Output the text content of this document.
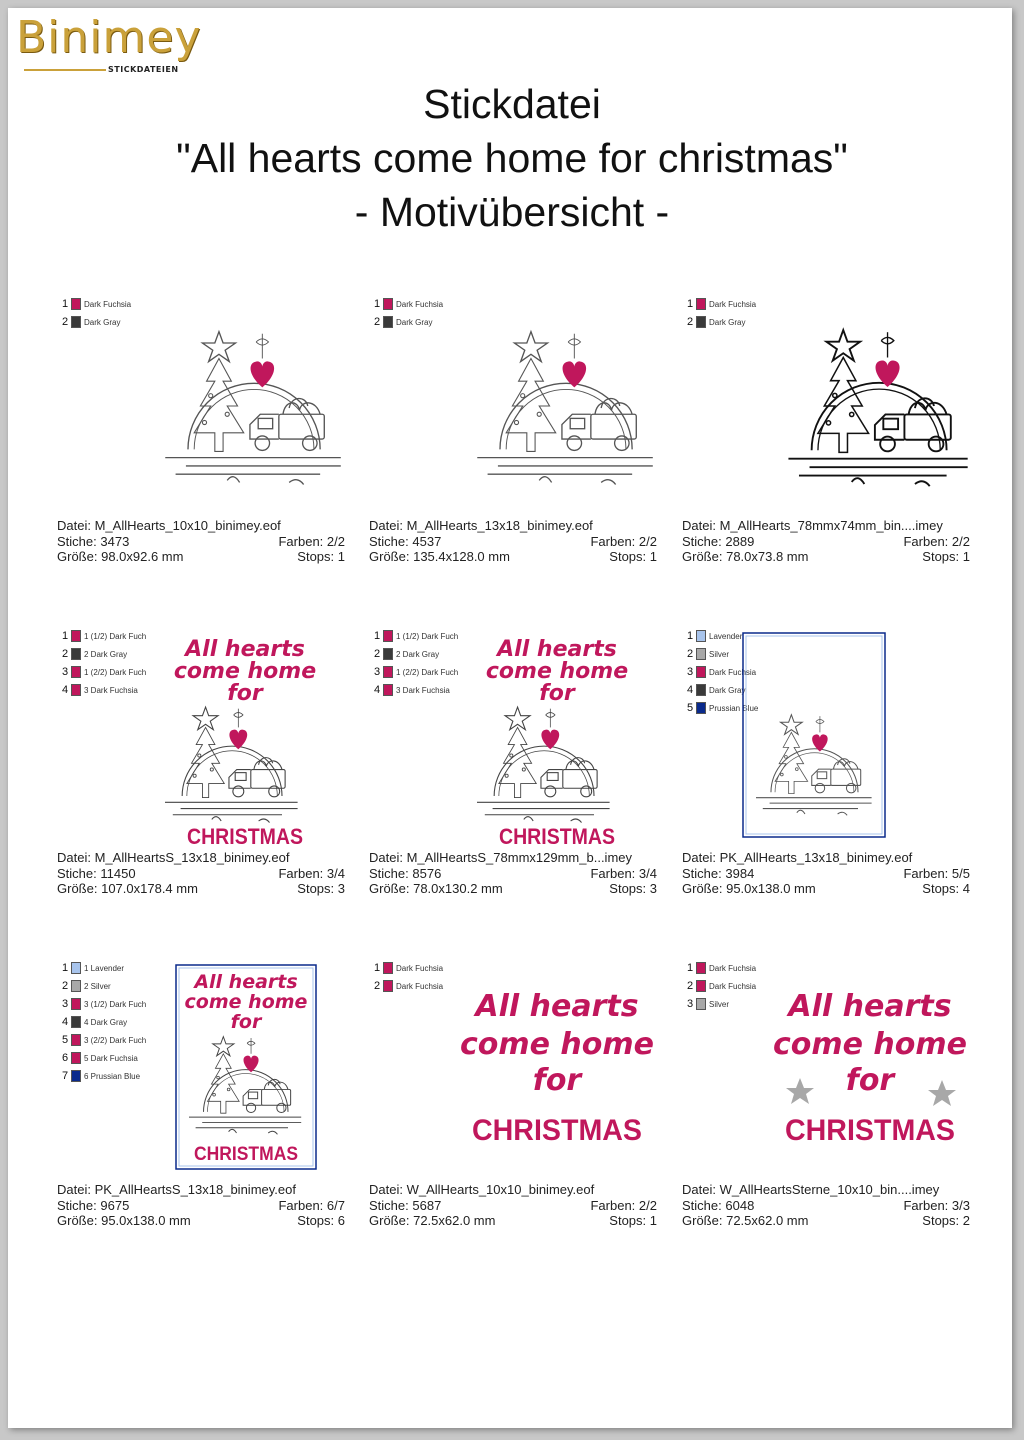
Binimey
STICKDATEIEN
Stickdatei
"All hearts come home for christmas"
- Motivübersicht -
1 Dark Fuchsia
2 Dark Gray
Datei: M_AllHearts_10x10_binimey.eof
Stiche: 3473	Farben: 2/2
Größe: 98.0x92.6 mm	Stops: 1
1 Dark Fuchsia
2 Dark Gray
Datei: M_AllHearts_13x18_binimey.eof
Stiche: 4537	Farben: 2/2
Größe: 135.4x128.0 mm	Stops: 1
1 Dark Fuchsia
2 Dark Gray
Datei: M_AllHearts_78mmx74mm_bin....imey
Stiche: 2889	Farben: 2/2
Größe: 78.0x73.8 mm	Stops: 1
1 1 (1/2) Dark Fuch
2 2 Dark Gray
3 1 (2/2) Dark Fuch
4 3 Dark Fuchsia
All hearts
come home
for
CHRISTMAS
Datei: M_AllHeartsS_13x18_binimey.eof
Stiche: 11450	Farben: 3/4
Größe: 107.0x178.4 mm	Stops: 3
1 1 (1/2) Dark Fuch
2 2 Dark Gray
3 1 (2/2) Dark Fuch
4 3 Dark Fuchsia
All hearts
come home
for
CHRISTMAS
Datei: M_AllHeartsS_78mmx129mm_b...imey
Stiche: 8576	Farben: 3/4
Größe: 78.0x130.2 mm	Stops: 3
1 Lavender
2 Silver
3 Dark Fuchsia
4 Dark Gray
5 Prussian Blue
Datei: PK_AllHearts_13x18_binimey.eof
Stiche: 3984	Farben: 5/5
Größe: 95.0x138.0 mm	Stops: 4
1 1 Lavender
2 2 Silver
3 3 (1/2) Dark Fuch
4 4 Dark Gray
5 3 (2/2) Dark Fuch
6 5 Dark Fuchsia
7 6 Prussian Blue
All hearts
come home
for
CHRISTMAS
Datei: PK_AllHeartsS_13x18_binimey.eof
Stiche: 9675	Farben: 6/7
Größe: 95.0x138.0 mm	Stops: 6
1 Dark Fuchsia
2 Dark Fuchsia
All hearts
come home
for
CHRISTMAS
Datei: W_AllHearts_10x10_binimey.eof
Stiche: 5687	Farben: 2/2
Größe: 72.5x62.0 mm	Stops: 1
1 Dark Fuchsia
2 Dark Fuchsia
3 Silver All hearts
come home
for
CHRISTMAS
Datei: W_AllHeartsSterne_10x10_bin....imey
Stiche: 6048	Farben: 3/3
Größe: 72.5x62.0 mm	Stops: 2
